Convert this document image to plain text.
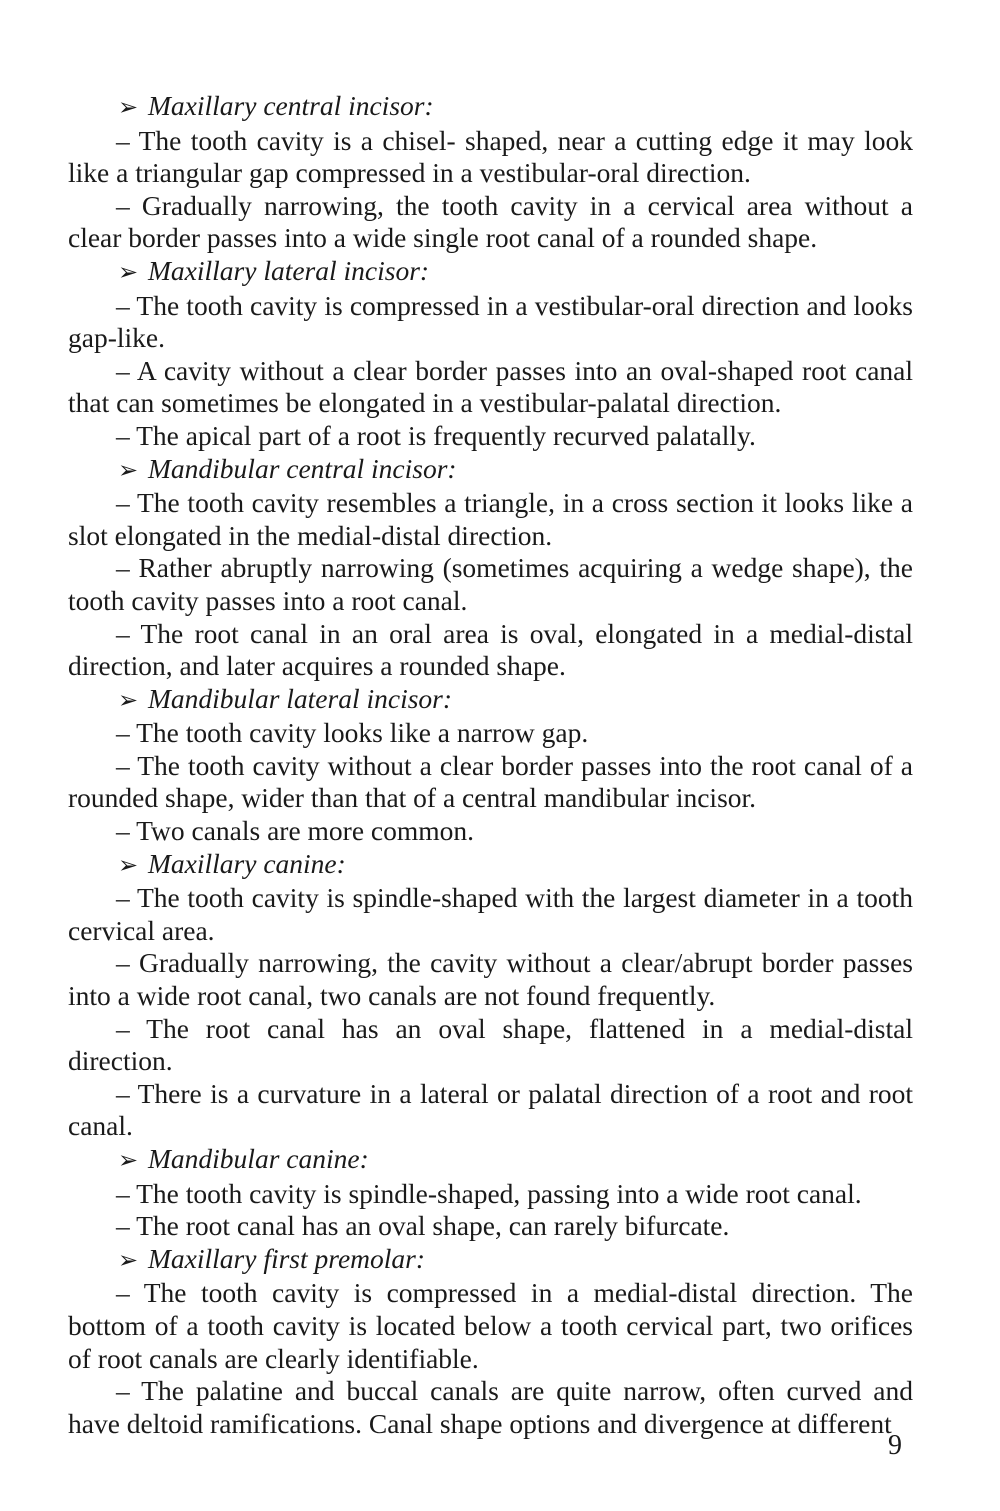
➢ Maxillary central incisor:

– The tooth cavity is a chisel- shaped, near a cutting edge it may look like a triangular gap compressed in a vestibular-oral direction.

– Gradually narrowing, the tooth cavity in a cervical area without a clear border passes into a wide single root canal of a rounded shape.

➢ Maxillary lateral incisor:

– The tooth cavity is compressed in a vestibular-oral direction and looks gap-like.

– A cavity without a clear border passes into an oval-shaped root canal that can sometimes be elongated in a vestibular-palatal direction.

– The apical part of a root is frequently recurved palatally.

➢ Mandibular central incisor:

– The tooth cavity resembles a triangle, in a cross section it looks like a slot elongated in the medial-distal direction.

– Rather abruptly narrowing (sometimes acquiring a wedge shape), the tooth cavity passes into a root canal.

– The root canal in an oral area is oval, elongated in a medial-distal direction, and later acquires a rounded shape.

➢ Mandibular lateral incisor:

– The tooth cavity looks like a narrow gap.

– The tooth cavity without a clear border passes into the root canal of a rounded shape, wider than that of a central mandibular incisor.

– Two canals are more common.

➢ Maxillary canine:

– The tooth cavity is spindle-shaped with the largest diameter in a tooth cervical area.

– Gradually narrowing, the cavity without a clear/abrupt border passes into a wide root canal, two canals are not found frequently.

– The root canal has an oval shape, flattened in a medial-distal direction.

– There is a curvature in a lateral or palatal direction of a root and root canal.

➢ Mandibular canine:

– The tooth cavity is spindle-shaped, passing into a wide root canal.

– The root canal has an oval shape, can rarely bifurcate.

➢ Maxillary first premolar:

– The tooth cavity is compressed in a medial-distal direction. The bottom of a tooth cavity is located below a tooth cervical part, two orifices of root canals are clearly identifiable.

– The palatine and buccal canals are quite narrow, often curved and have deltoid ramifications. Canal shape options and divergence at different

9
